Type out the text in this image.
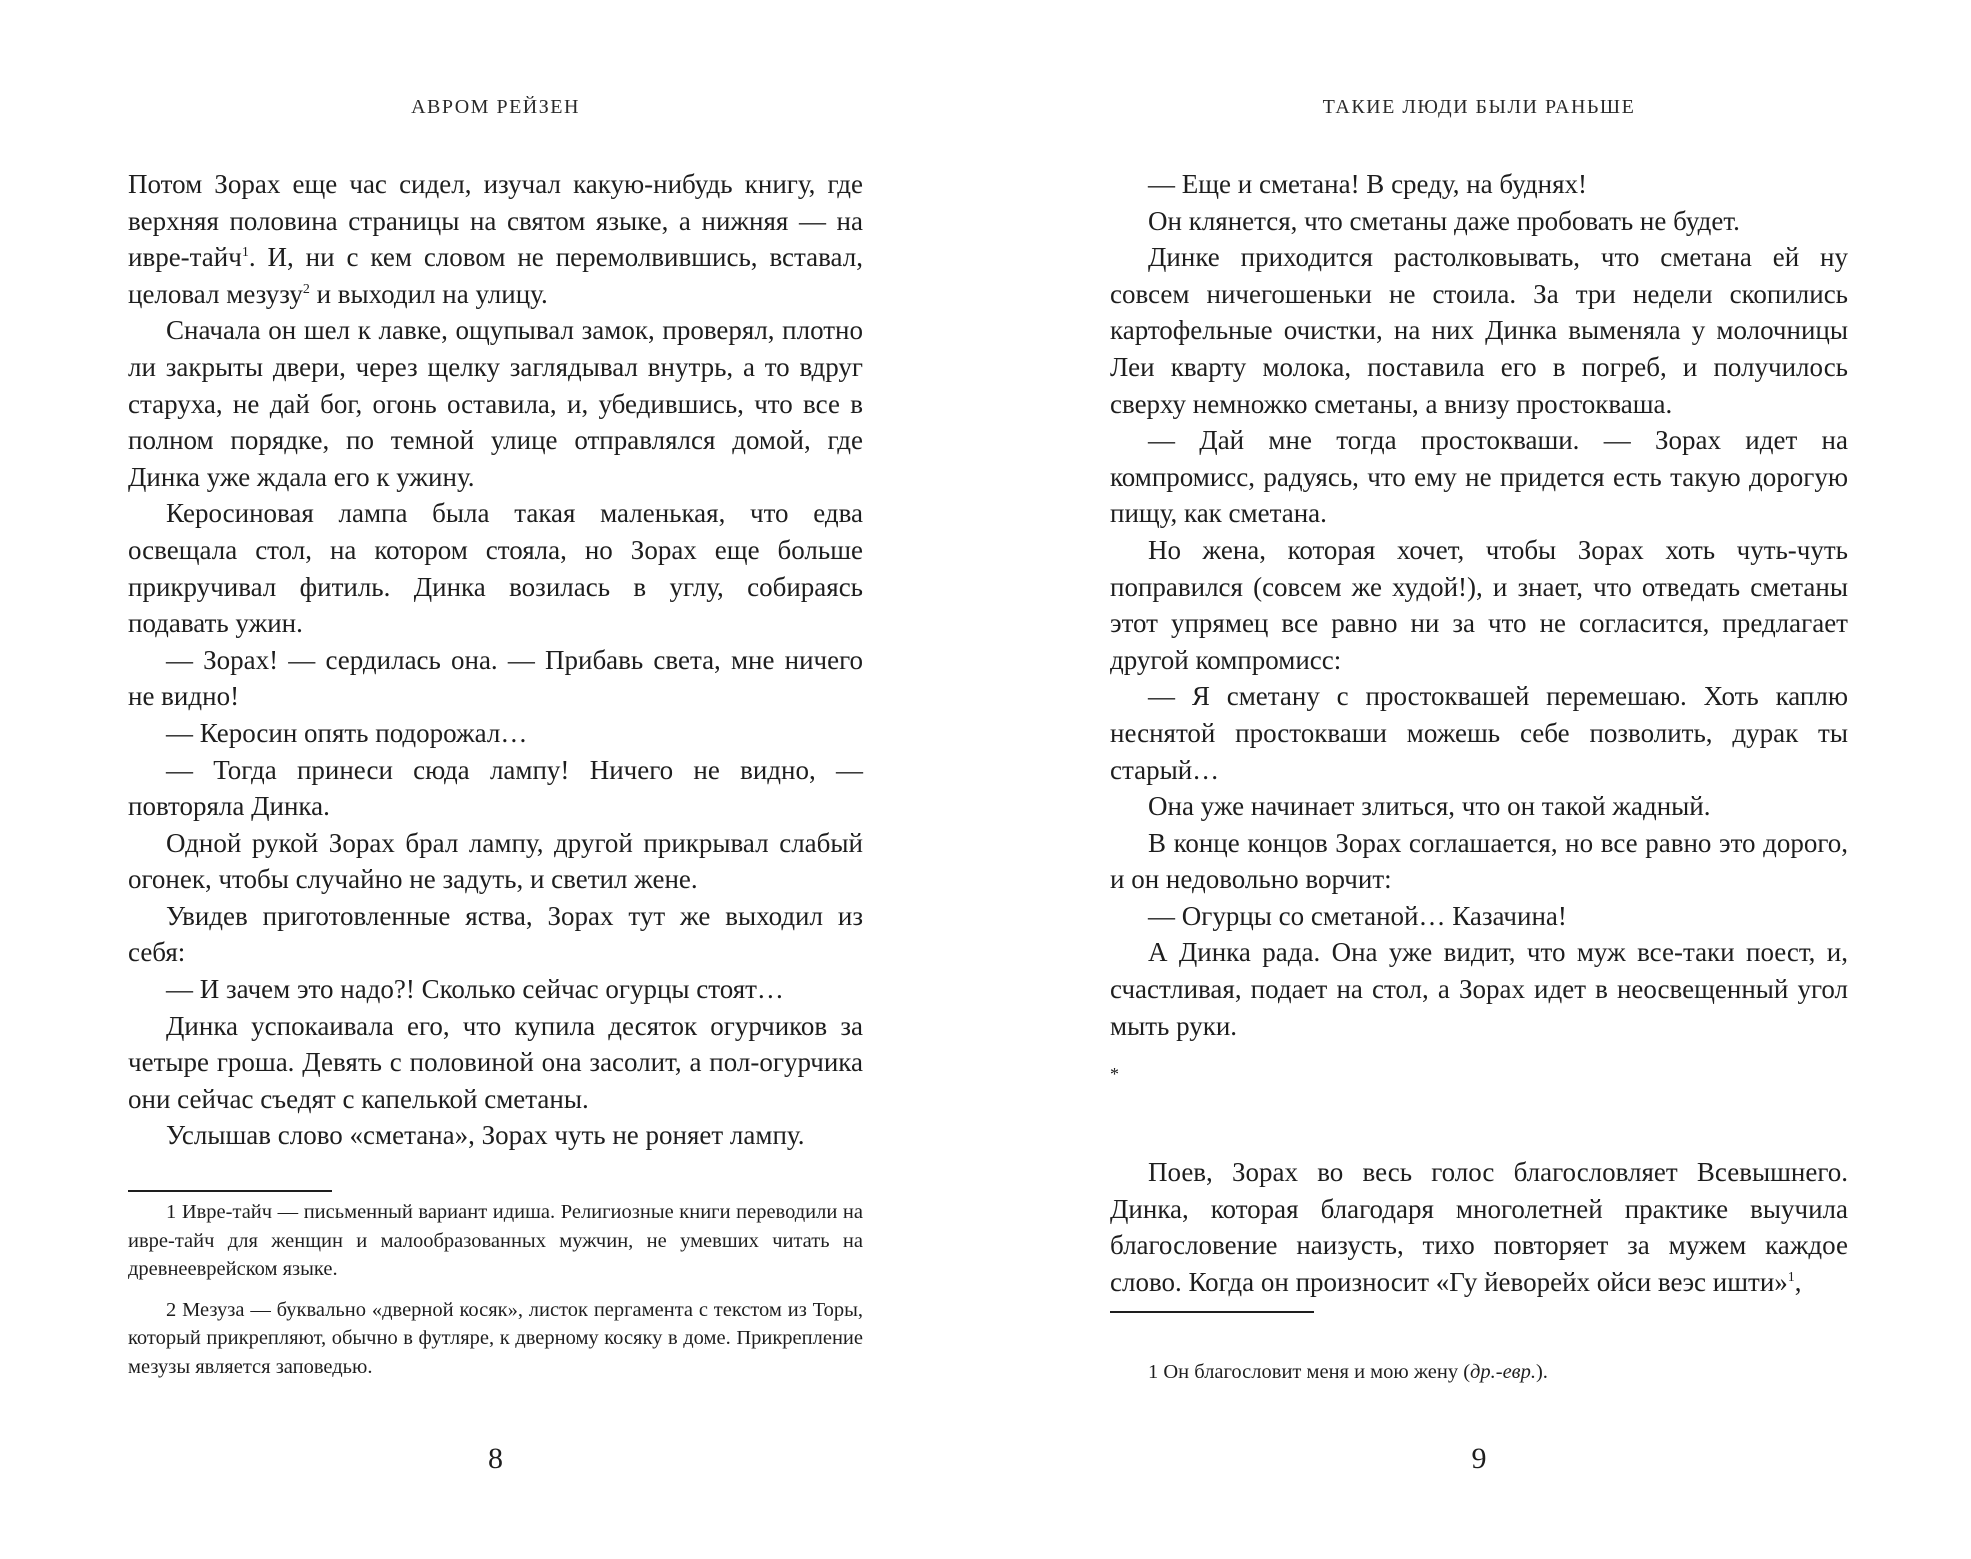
АВРОМ РЕЙЗЕН

Потом Зорах еще час сидел, изучал какую-нибудь книгу, где верхняя половина страницы на святом языке, а нижняя — на ивре-тайч$^1$. И, ни с кем словом не перемолвившись, вставал, целовал мезузу$^2$ и выходил на улицу.

Сначала он шел к лавке, ощупывал замок, проверял, плотно ли закрыты двери, через щелку заглядывал внутрь, а то вдруг старуха, не дай бог, огонь оставила, и, убедившись, что все в полном порядке, по темной улице отправлялся домой, где Динка уже ждала его к ужину.

Керосиновая лампа была такая маленькая, что едва освещала стол, на котором стояла, но Зорах еще больше прикручивал фитиль. Динка возилась в углу, собираясь подавать ужин.

— Зорах! — сердилась она. — Прибавь света, мне ничего не видно!

— Керосин опять подорожал…

— Тогда принеси сюда лампу! Ничего не видно, — повторяла Динка.

Одной рукой Зорах брал лампу, другой прикрывал слабый огонек, чтобы случайно не задуть, и светил жене.

Увидев приготовленные яства, Зорах тут же выходил из себя:

— И зачем это надо?! Сколько сейчас огурцы стоят…

Динка успокаивала его, что купила десяток огурчиков за четыре гроша. Девять с половиной она засолит, а пол-огурчика они сейчас съедят с капелькой сметаны.

Услышав слово «сметана», Зорах чуть не роняет лампу.

1 Ивре-тайч — письменный вариант идиша. Религиозные книги переводили на ивре-тайч для женщин и малообразованных мужчин, не умевших читать на древнееврейском языке.

2 Мезуза — буквально «дверной косяк», листок пергамента с текстом из Торы, который прикрепляют, обычно в футляре, к дверному косяку в доме. Прикрепление мезузы является заповедью.

8
ТАКИЕ ЛЮДИ БЫЛИ РАНЬШЕ

— Еще и сметана! В среду, на буднях!

Он клянется, что сметаны даже пробовать не будет.

Динке приходится растолковывать, что сметана ей ну совсем ничегошеньки не стоила. За три недели скопились картофельные очистки, на них Динка выменяла у молочницы Леи кварту молока, поставила его в погреб, и получилось сверху немножко сметаны, а внизу простокваша.

— Дай мне тогда простокваши. — Зорах идет на компромисс, радуясь, что ему не придется есть такую дорогую пищу, как сметана.

Но жена, которая хочет, чтобы Зорах хоть чуть-чуть поправился (совсем же худой!), и знает, что отведать сметаны этот упрямец все равно ни за что не согласится, предлагает другой компромисс:

— Я сметану с простоквашей перемешаю. Хоть каплю неснятой простокваши можешь себе позволить, дурак ты старый…

Она уже начинает злиться, что он такой жадный.

В конце концов Зорах соглашается, но все равно это дорого, и он недовольно ворчит:

— Огурцы со сметаной… Казачина!

А Динка рада. Она уже видит, что муж все-таки поест, и, счастливая, подает на стол, а Зорах идет в неосвещенный угол мыть руки.

*

Поев, Зорах во весь голос благословляет Всевышнего. Динка, которая благодаря многолетней практике выучила благословение наизусть, тихо повторяет за мужем каждое слово. Когда он произносит «Гу йеворейх ойси веэс ишти»$^1$,

1 Он благословит меня и мою жену (др.-евр.).

9
